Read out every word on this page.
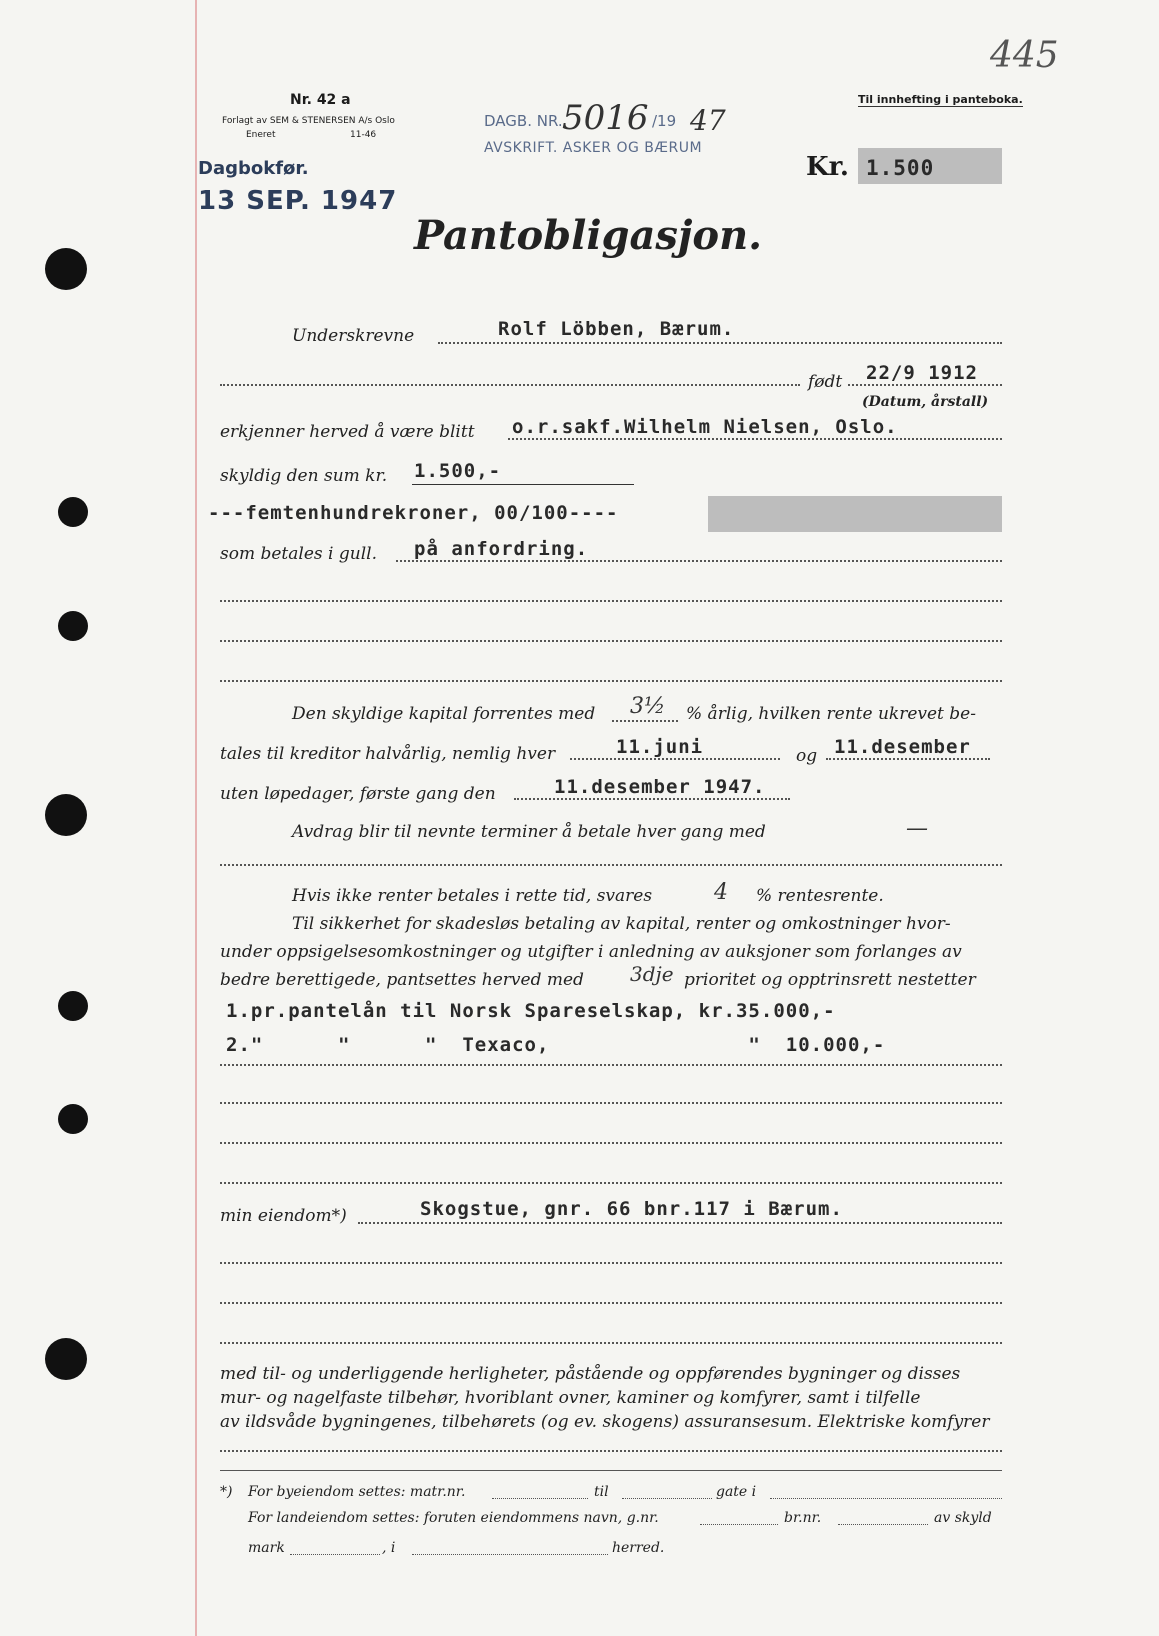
445
Nr. 42 a
Forlagt av SEM & STENERSEN A/s Oslo
Eneret	11-46
Til innhefting i panteboka.
Dagbokfør.
13 SEP. 1947
DAGB. NR. 5016 /19 47
AVSKRIFT. ASKER OG BÆRUM
Kr. 1.500
Pantobligasjon.
Underskrevne	Rolf Löbben, Bærum.
født 22/9 1912
(Datum, årstall)
erkjenner herved å være blitt o.r.sakf.Wilhelm Nielsen, Oslo.
skyldig den sum kr. 1.500,-
---femtenhundrekroner, 00/100----
som betales i gull. på anfordring.
Den skyldige kapital forrentes med 3½ % årlig, hvilken rente ukrevet be-
tales til kreditor halvårlig, nemlig hver	11.juni	og 11.desember
uten løpedager, første gang den	11.desember 1947.
Avdrag blir til nevnte terminer å betale hver gang med	—
Hvis ikke renter betales i rette tid, svares	4 % rentesrente.
Til sikkerhet for skadesløs betaling av kapital, renter og omkostninger hvor-
under oppsigelsesomkostninger og utgifter i anledning av auksjoner som forlanges av
bedre berettigede, pantsettes herved med 3dje prioritet og opptrinsrett nestetter
1.pr.pantelån til Norsk Spareselskap, kr.35.000,-
2."      "      "  Texaco,                "  10.000,-
min eiendom*)	Skogstue, gnr. 66 bnr.117 i Bærum.
med til- og underliggende herligheter, påstående og oppførendes bygninger og disses
mur- og nagelfaste tilbehør, hvoriblant ovner, kaminer og komfyrer, samt i tilfelle
av ildsvåde bygningenes, tilbehørets (og ev. skogens) assuransesum. Elektriske komfyrer
*) For byeiendom settes: matr.nr.	til	gate i
For landeiendom settes: foruten eiendommens navn, g.nr.	br.nr.	av skyld
mark	, i	herred.
